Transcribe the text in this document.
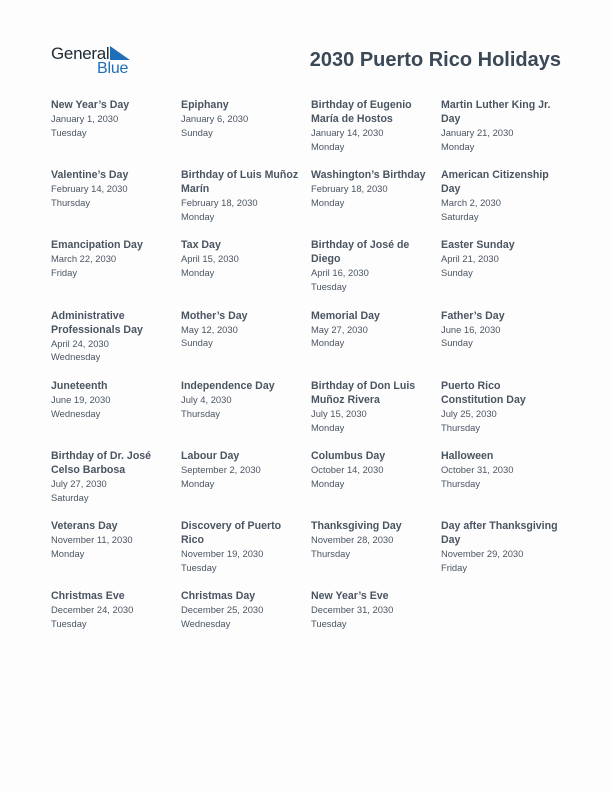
General
Blue	2030 Puerto Rico Holidays
New Year’s Day
January 1, 2030
Tuesday
Epiphany
January 6, 2030
Sunday
Birthday of Eugenio María de Hostos
January 14, 2030
Monday
Martin Luther King Jr. Day
January 21, 2030
Monday
Valentine’s Day
February 14, 2030
Thursday
Birthday of Luis Muñoz Marín
February 18, 2030
Monday
Washington’s Birthday
February 18, 2030
Monday
American Citizenship Day
March 2, 2030
Saturday
Emancipation Day
March 22, 2030
Friday
Tax Day
April 15, 2030
Monday
Birthday of José de Diego
April 16, 2030
Tuesday
Easter Sunday
April 21, 2030
Sunday
Administrative Professionals Day
April 24, 2030
Wednesday
Mother’s Day
May 12, 2030
Sunday
Memorial Day
May 27, 2030
Monday
Father’s Day
June 16, 2030
Sunday
Juneteenth
June 19, 2030
Wednesday
Independence Day
July 4, 2030
Thursday
Birthday of Don Luis Muñoz Rivera
July 15, 2030
Monday
Puerto Rico Constitution Day
July 25, 2030
Thursday
Birthday of Dr. José Celso Barbosa
July 27, 2030
Saturday
Labour Day
September 2, 2030
Monday
Columbus Day
October 14, 2030
Monday
Halloween
October 31, 2030
Thursday
Veterans Day
November 11, 2030
Monday
Discovery of Puerto Rico
November 19, 2030
Tuesday
Thanksgiving Day
November 28, 2030
Thursday
Day after Thanksgiving Day
November 29, 2030
Friday
Christmas Eve
December 24, 2030
Tuesday
Christmas Day
December 25, 2030
Wednesday
New Year’s Eve
December 31, 2030
Tuesday
